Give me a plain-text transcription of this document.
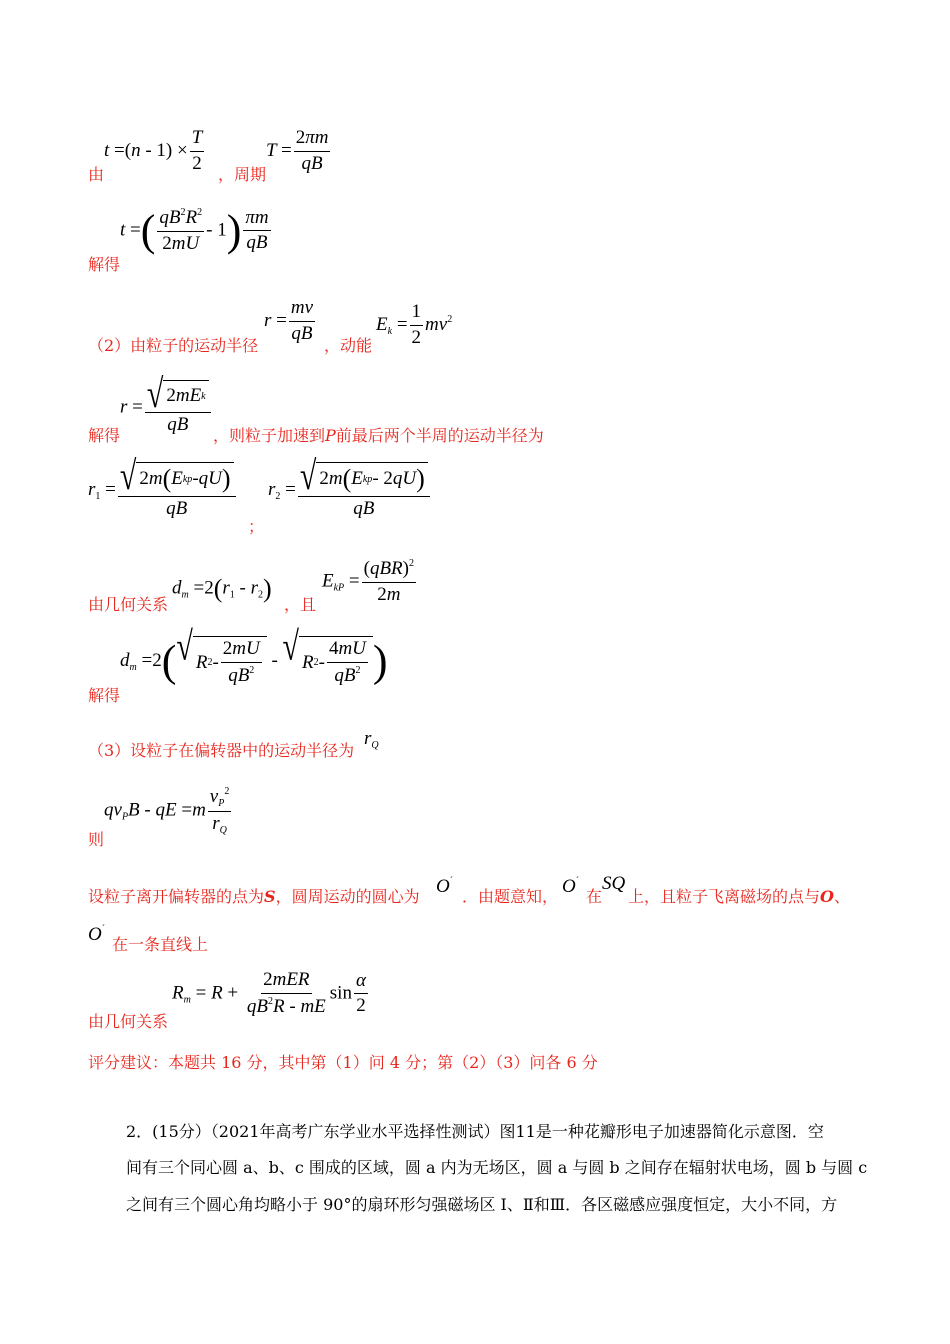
由
$t =(n - 1) \times \frac{T}{2}$ ，周期
$T = \frac{2\pi m}{qB}$
解得
t =( $\frac{qB^2R^2}{2mU} - 1) \frac{\pi m}{qB}$
（2）由粒子的运动半径
$r = \frac{mv}{qB}$
，动能
$E_k = \frac{1}{2} mv^2$
解得
$r = \frac{\text{√ 2 mE k}}{qB}$ ，则粒子加速到P前最后两个半周的运动半径为
$r_1 = \frac{\text{√ 2 m ( E kp - qU )}}{qB}$
；
$r_2 = \frac{\text{√ 2 m ( E kp - 2 qU )}}{qB}$
由几何关系
$d_m =2(r_1 - r_2)$
，且
$E_{kP} = \frac{(qBR)^2}{2m}$
解得
$d_m =2$( √ R $2 - \frac{2mU}{qB^2}$ - √ R $2 - \frac{4mU}{qB^2}$ )
（3）设粒子在偏转器中的运动半径为
$r_Q$
则
$qv_PB$ - qE $=m \frac{v_P^2}{r_Q}$
设粒子离开偏转器的点为S，圆周运动的圆心为 O´
．由题意知， O´
在
SQ
上，且粒子飞离磁场的点与O、
O´
在一条直线上
由几何关系
$R_m = R + \frac{\text{2mER}}{qB^2R - mE}$ $\sin \frac{\alpha}{2}$
评分建议：本题共 16 分，其中第（1）问 4 分；第（2）（3）问各 6 分
2．(15分）（2021年高考广东学业水平选择性测试）图11是一种花瓣形电子加速器简化示意图．空
间有三个同心圆 a、b、c 围成的区域，圆 a 内为无场区，圆 a 与圆 b 之间存在辐射状电场，圆 b 与圆 c
之间有三个圆心角均略小于 90°的扇环形匀强磁场区 I、Ⅱ和Ⅲ．各区磁感应强度恒定，大小不同，方
